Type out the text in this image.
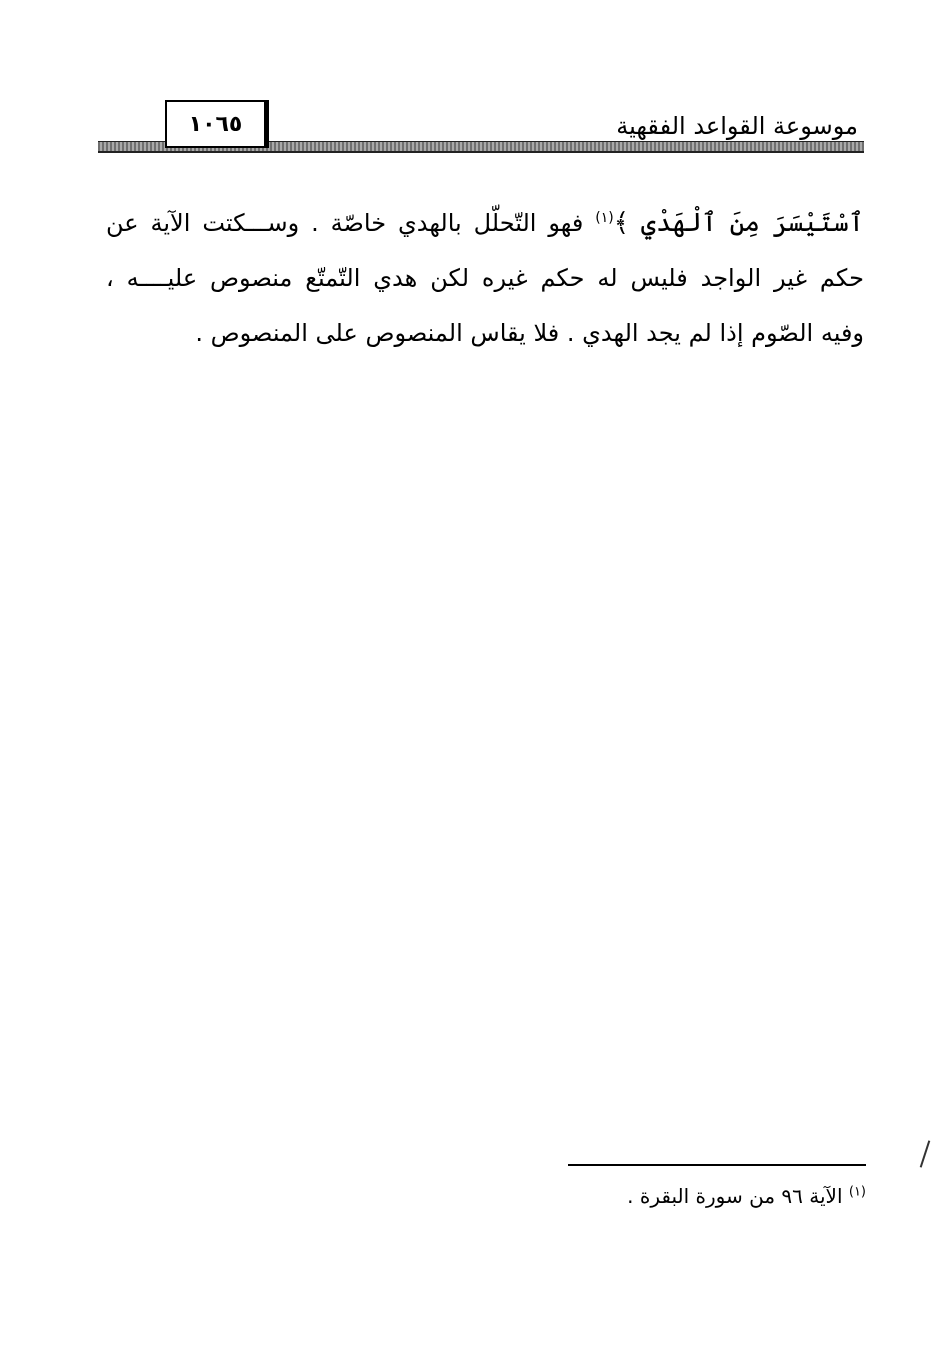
موسوعة القواعد الفقهية
١٠٦٥
ٱسْتَيْسَرَ مِنَ ٱلْهَدْيِ ﴾$^{(١)}$ فهو التّحلّل بالهدي خاصّة . وســـكتت الآية عن
حكم غير الواجد فليس له حكم غيره لكن هدي التّمتّع منصوص عليــــه ،
وفيه الصّوم إذا لم يجد الهدي . فلا يقاس المنصوص على المنصوص .
$^{(١)}$ الآية ٩٦ من سورة البقرة .
